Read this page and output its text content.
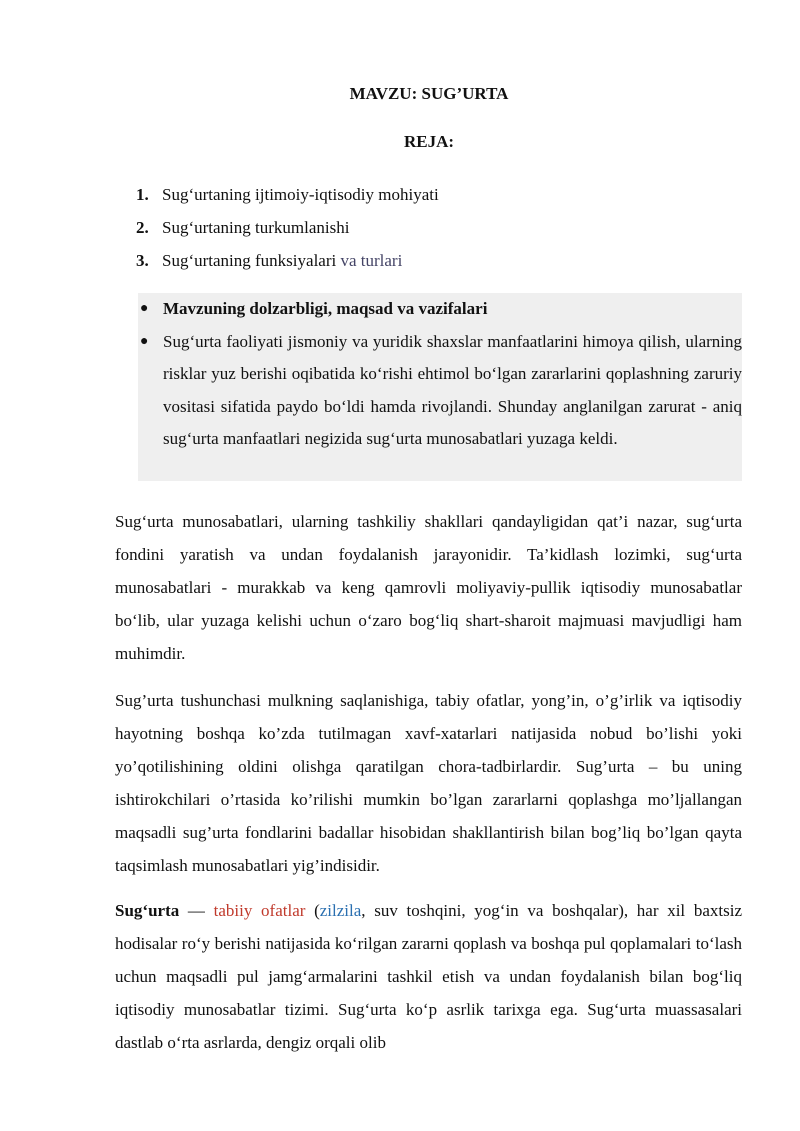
MAVZU: SUG’URTA
REJA:
1. Sug‘urtaning ijtimoiy-iqtisodiy mohiyati
2. Sug‘urtaning turkumlanishi
3. Sug‘urtaning funksiyalari va turlari
● Mavzuning dolzarbligi, maqsad va vazifalari
● Sug‘urta faoliyati jismoniy va yuridik shaxslar manfaatlarini himoya qilish, ularning risklar yuz berishi oqibatida ko‘rishi ehtimol bo‘lgan zararlarini qoplashning zaruriy vositasi sifatida paydo bo‘ldi hamda rivojlandi. Shunday anglanilgan zarurat - aniq sug‘urta manfaatlari negizida sug‘urta munosabatlari yuzaga keldi.

Sug‘urta munosabatlari, ularning tashkiliy shakllari qandayligidan qat’i nazar, sug‘urta fondini yaratish va undan foydalanish jarayonidir. Ta’kidlash lozimki, sug‘urta munosabatlari - murakkab va keng qamrovli moliyaviy-pullik iqtisodiy munosabatlar bo‘lib, ular yuzaga kelishi uchun o‘zaro bog‘liq shart-sharoit majmuasi mavjudligi ham muhimdir.

Sug’urta tushunchasi mulkning saqlanishiga, tabiy ofatlar, yong’in, o’g’irlik va iqtisodiy hayotning boshqa ko’zda tutilmagan xavf-xatarlari natijasida nobud bo’lishi yoki yo’qotilishining oldini olishga qaratilgan chora-tadbirlardir. Sug’urta – bu uning ishtirokchilari o’rtasida ko’rilishi mumkin bo’lgan zararlarni qoplashga mo’ljallangan maqsadli sug’urta fondlarini badallar hisobidan shakllantirish bilan bog’liq bo’lgan qayta taqsimlash munosabatlari yig’indisidir.

Sug‘urta — tabiiy ofatlar (zilzila, suv toshqini, yog‘in va boshqalar), har xil baxtsiz hodisalar ro‘y berishi natijasida ko‘rilgan zararni qoplash va boshqa pul qoplamalari to‘lash uchun maqsadli pul jamg‘armalarini tashkil etish va undan foydalanish bilan bog‘liq iqtisodiy munosabatlar tizimi. Sug‘urta ko‘p asrlik tarixga ega. Sug‘urta muassasalari dastlab o‘rta asrlarda, dengiz orqali olib
